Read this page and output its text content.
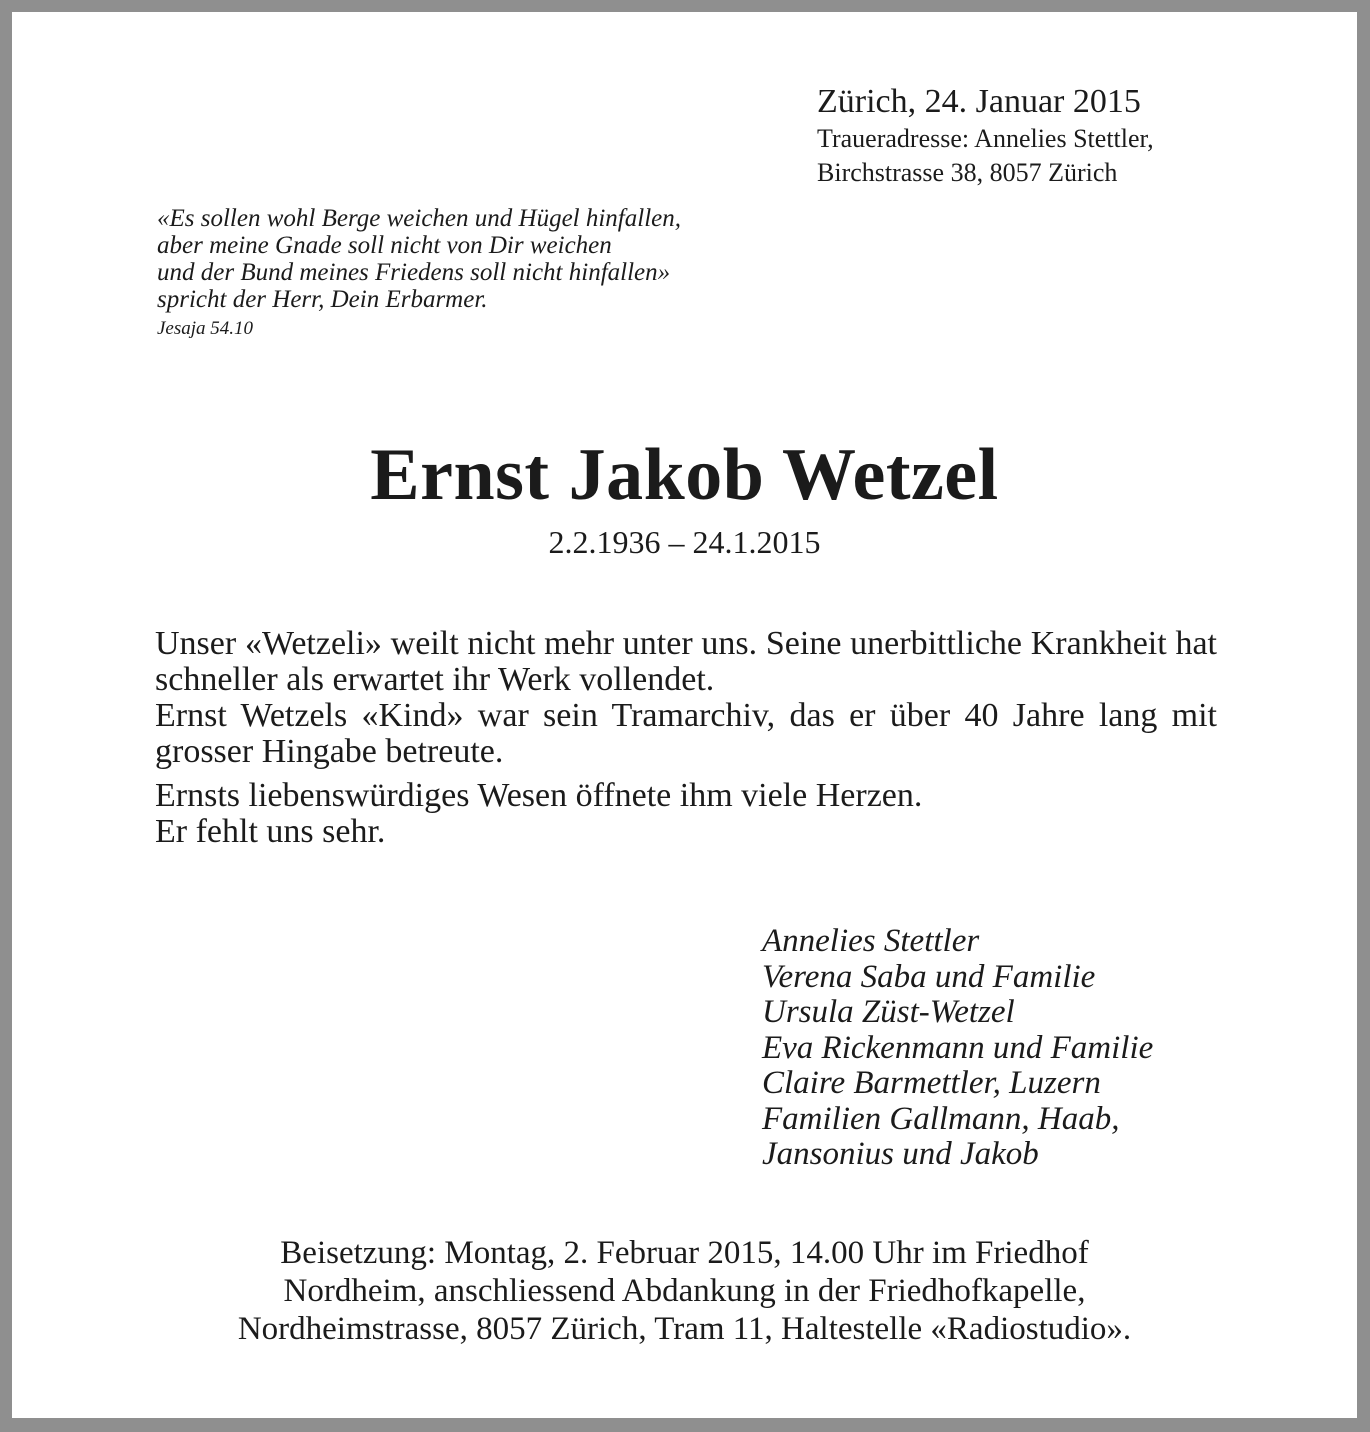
Zürich, 24. Januar 2015
Traueradresse: Annelies Stettler,
Birchstrasse 38, 8057 Zürich
«Es sollen wohl Berge weichen und Hügel hinfallen,
aber meine Gnade soll nicht von Dir weichen
und der Bund meines Friedens soll nicht hinfallen»
spricht der Herr, Dein Erbarmer.
Jesaja 54.10
Ernst Jakob Wetzel
2.2.1936 – 24.1.2015

Unser «Wetzeli» weilt nicht mehr unter uns. Seine unerbittliche Krankheit hat schneller als erwartet ihr Werk vollendet.

Ernst Wetzels «Kind» war sein Tramarchiv, das er über 40 Jahre lang mit grosser Hingabe betreute.

Ernsts liebenswürdiges Wesen öffnete ihm viele Herzen.

Er fehlt uns sehr.

Annelies Stettler
Verena Saba und Familie
Ursula Züst-Wetzel
Eva Rickenmann und Familie
Claire Barmettler, Luzern
Familien Gallmann, Haab,
Jansonius und Jakob
Beisetzung: Montag, 2. Februar 2015, 14.00 Uhr im Friedhof
Nordheim, anschliessend Abdankung in der Friedhofkapelle,
Nordheimstrasse, 8057 Zürich, Tram 11, Haltestelle «Radiostudio».
